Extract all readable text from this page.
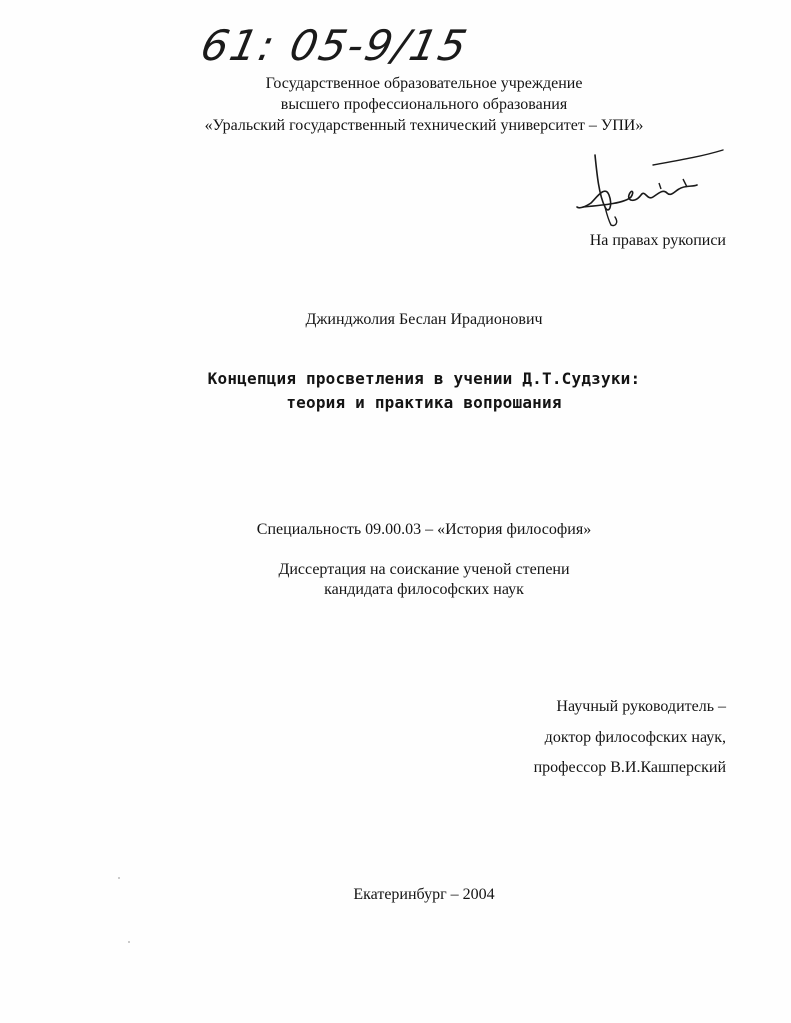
61: 05-9/15
Государственное образовательное учреждение
высшего профессионального образования
«Уральский государственный технический университет – УПИ»
На правах рукописи
Джинджолия Беслан Ирадионович
Концепция просветления в учении Д.Т.Судзуки:
теория и практика вопрошания
Специальность 09.00.03 – «История философия»
Диссертация на соискание ученой степени
кандидата философских наук
Научный руководитель –
доктор философских наук,
профессор В.И.Кашперский
Екатеринбург – 2004
